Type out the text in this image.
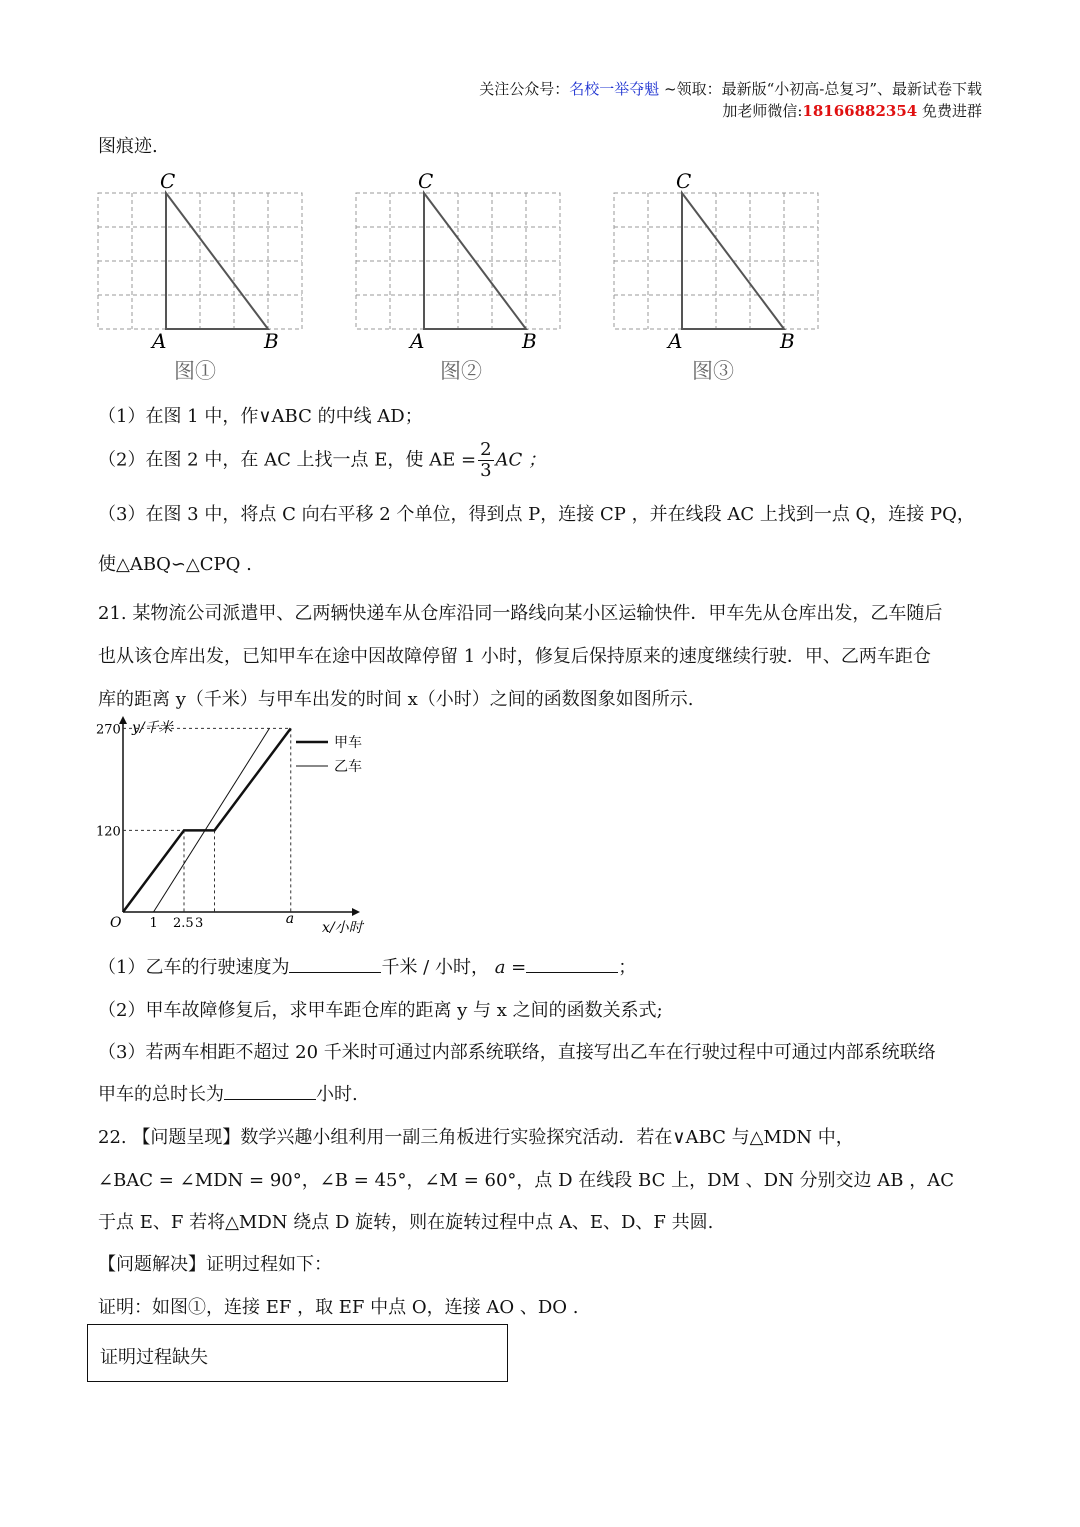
关注公众号：名校一举夺魁 ~领取：最新版“小初高-总复习”、最新试卷下载
加老师微信:18166882354 免费进群
图痕迹.
C
A	B
图①
C
A	B
图②
C
A	B
图③
（1）在图 1 中，作∨ABC 的中线 AD；
（2）在图 2 中，在 AC 上找一点 E，使 AE = $\frac{2}{3}$ AC ；
（3）在图 3 中，将点 C 向右平移 2 个单位，得到点 P，连接 CP ，并在线段 AC 上找到一点 Q，连接 PQ，
使△ABQ∽△CPQ .
21. 某物流公司派遣甲、乙两辆快递车从仓库沿同一路线向某小区运输快件．甲车先从仓库出发，乙车随后
也从该仓库出发，已知甲车在途中因故障停留 1 小时，修复后保持原来的速度继续行驶．甲、乙两车距仓
库的距离 y（千米）与甲车出发的时间 x（小时）之间的函数图象如图所示.
y/千米
x/小时
270
120
O 1 2.5 3	a
甲车
乙车
（1）乙车的行驶速度为	千米 / 小时， a =	；
（2）甲车故障修复后，求甲车距仓库的距离 y 与 x 之间的函数关系式;
（3）若两车相距不超过 20 千米时可通过内部系统联络，直接写出乙车在行驶过程中可通过内部系统联络
甲车的总时长为	小时.
22. 【问题呈现】数学兴趣小组利用一副三角板进行实验探究活动．若在∨ABC 与△MDN 中，
∠BAC = ∠MDN = 90°，∠B = 45°，∠M = 60°，点 D 在线段 BC 上，DM 、DN 分别交边 AB ，AC
于点 E、F 若将△MDN 绕点 D 旋转，则在旋转过程中点 A、E、D、F 共圆.
【问题解决】证明过程如下：
证明：如图①，连接 EF ，取 EF 中点 O，连接 AO 、DO .
证明过程缺失
